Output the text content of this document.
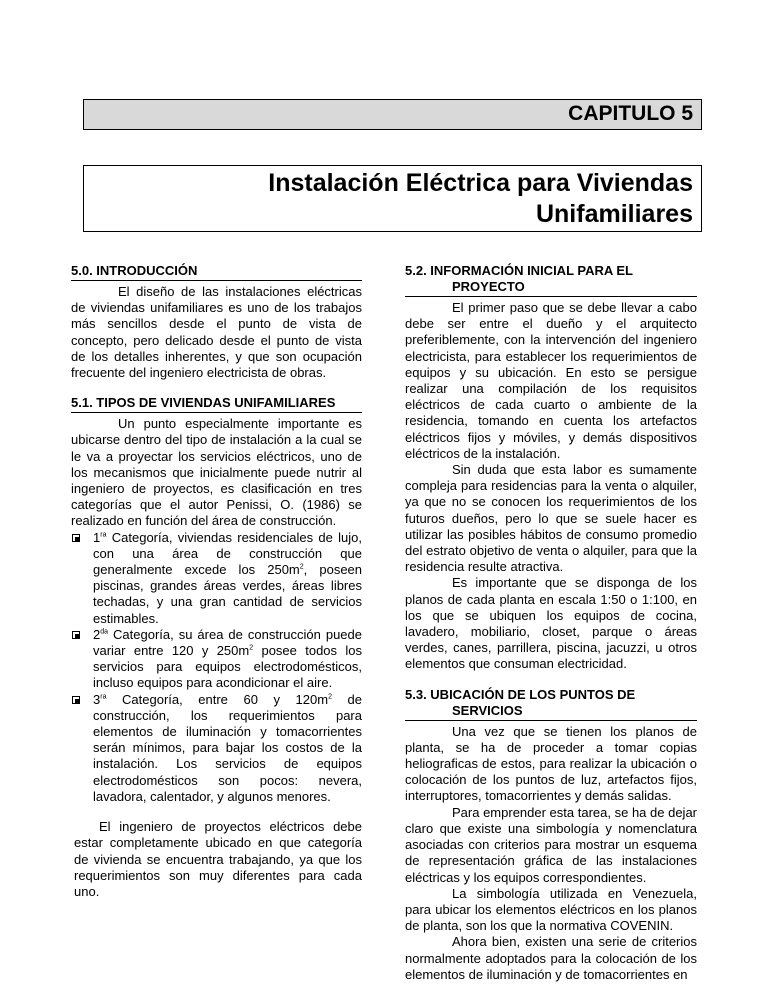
CAPITULO 5
Instalación Eléctrica para Viviendas
Unifamiliares
5.0. INTRODUCCIÓN

El diseño de las instalaciones eléctricas de viviendas unifamiliares es uno de los trabajos más sencillos desde el punto de vista de concepto, pero delicado desde el punto de vista de los detalles inherentes, y que son ocupación frecuente del ingeniero electricista de obras.

5.1. TIPOS DE VIVIENDAS UNIFAMILIARES

Un punto especialmente importante es ubicarse dentro del tipo de instalación a la cual se le va a proyectar los servicios eléctricos, uno de los mecanismos que inicialmente puede nutrir al ingeniero de proyectos, es clasificación en tres categorías que el autor Penissi, O. (1986) se realizado en función del área de construcción.

$1^{ra}$ Categoría, viviendas residenciales de lujo, con una área de construcción que generalmente excede los $250m^2$, poseen piscinas, grandes áreas verdes, áreas libres techadas, y una gran cantidad de servicios estimables.
$2^{da}$ Categoría, su área de construcción puede variar entre 120 y $250m^2$ posee todos los servicios para equipos electrodomésticos, incluso equipos para acondicionar el aire.
$3^{ra}$ Categoría, entre 60 y $120m^2$ de construcción, los requerimientos para elementos de iluminación y tomacorrientes serán mínimos, para bajar los costos de la instalación. Los servicios de equipos electrodomésticos son pocos: nevera, lavadora, calentador, y algunos menores.

El ingeniero de proyectos eléctricos debe estar completamente ubicado en que categoría de vivienda se encuentra trabajando, ya que los requerimientos son muy diferentes para cada uno.

5.2. INFORMACIÓN INICIAL PARA EL
PROYECTO

El primer paso que se debe llevar a cabo debe ser entre el dueño y el arquitecto preferiblemente, con la intervención del ingeniero electricista, para establecer los requerimientos de equipos y su ubicación. En esto se persigue realizar una compilación de los requisitos eléctricos de cada cuarto o ambiente de la residencia, tomando en cuenta los artefactos eléctricos fijos y móviles, y demás dispositivos eléctricos de la instalación.

Sin duda que esta labor es sumamente compleja para residencias para la venta o alquiler, ya que no se conocen los requerimientos de los futuros dueños, pero lo que se suele hacer es utilizar las posibles hábitos de consumo promedio del estrato objetivo de venta o alquiler, para que la residencia resulte atractiva.

Es importante que se disponga de los planos de cada planta en escala 1:50 o 1:100, en los que se ubiquen los equipos de cocina, lavadero, mobiliario, closet, parque o áreas verdes, canes, parrillera, piscina, jacuzzi, u otros elementos que consuman electricidad.

5.3. UBICACIÓN DE LOS PUNTOS DE
SERVICIOS

Una vez que se tienen los planos de planta, se ha de proceder a tomar copias heliograficas de estos, para realizar la ubicación o colocación de los puntos de luz, artefactos fijos, interruptores, tomacorrientes y demás salidas.

Para emprender esta tarea, se ha de dejar claro que existe una simbología y nomenclatura asociadas con criterios para mostrar un esquema de representación gráfica de las instalaciones eléctricas y los equipos correspondientes.

La simbología utilizada en Venezuela, para ubicar los elementos eléctricos en los planos de planta, son los que la normativa COVENIN.

Ahora bien, existen una serie de criterios normalmente adoptados para la colocación de los elementos de iluminación y de tomacorrientes en
